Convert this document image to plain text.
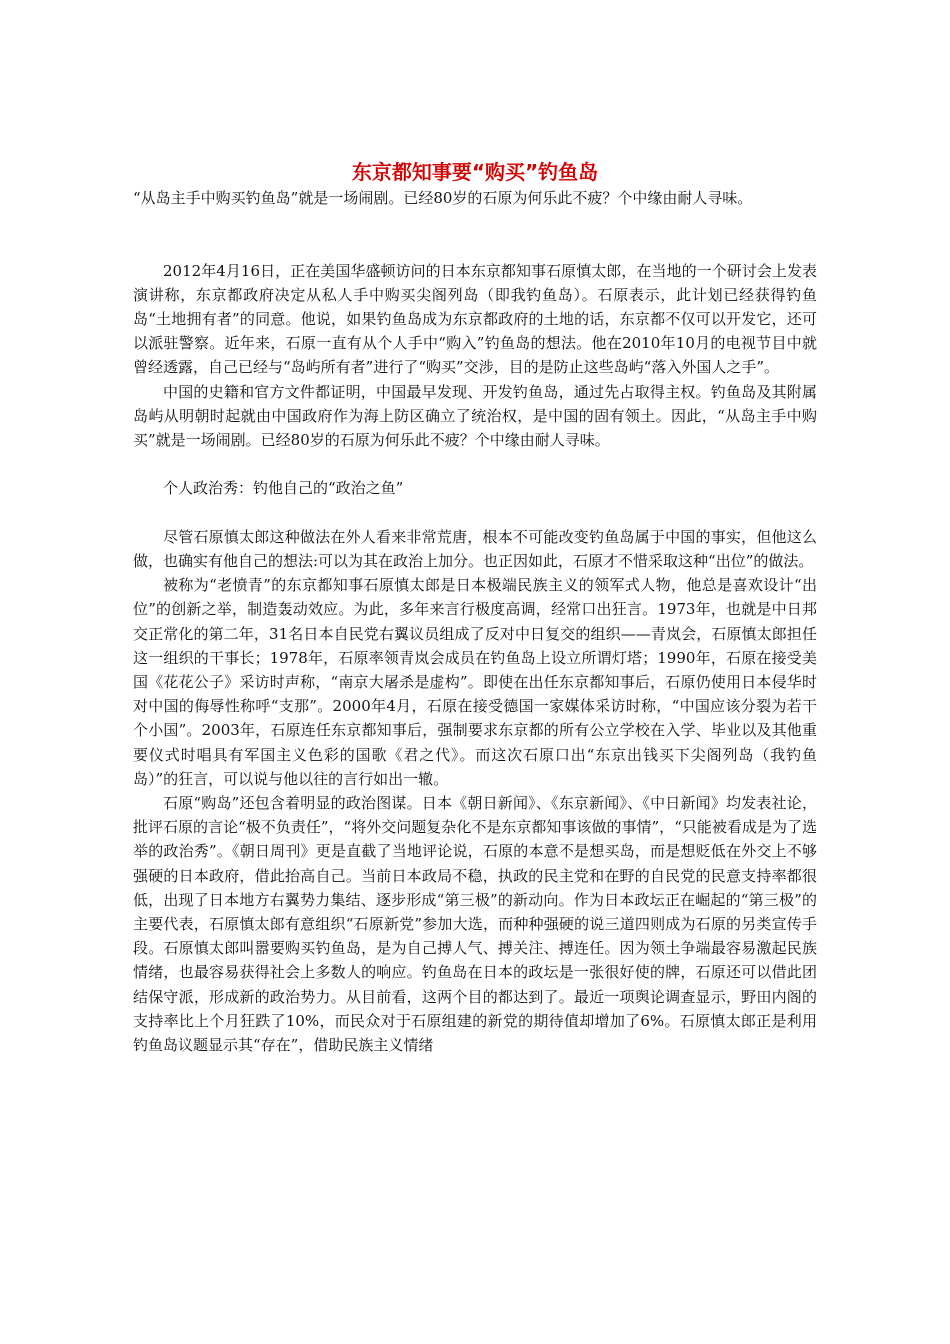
东京都知事要“购买”钓鱼岛

“从岛主手中购买钓鱼岛”就是一场闹剧。已经80岁的石原为何乐此不疲？个中缘由耐人寻味。

2012年4月16日，正在美国华盛顿访问的日本东京都知事石原慎太郎，在当地的一个研讨会上发表演讲称，东京都政府决定从私人手中购买尖阁列岛（即我钓鱼岛）。石原表示，此计划已经获得钓鱼岛“土地拥有者”的同意。他说，如果钓鱼岛成为东京都政府的土地的话，东京都不仅可以开发它，还可以派驻警察。近年来，石原一直有从个人手中“购入”钓鱼岛的想法。他在2010年10月的电视节目中就曾经透露，自己已经与“岛屿所有者”进行了“购买”交涉，目的是防止这些岛屿“落入外国人之手”。

中国的史籍和官方文件都证明，中国最早发现、开发钓鱼岛，通过先占取得主权。钓鱼岛及其附属岛屿从明朝时起就由中国政府作为海上防区确立了统治权，是中国的固有领土。因此，“从岛主手中购买”就是一场闹剧。已经80岁的石原为何乐此不疲？个中缘由耐人寻味。

个人政治秀：钓他自己的“政治之鱼”

尽管石原慎太郎这种做法在外人看来非常荒唐，根本不可能改变钓鱼岛属于中国的事实，但他这么做，也确实有他自己的想法:可以为其在政治上加分。也正因如此，石原才不惜采取这种“出位”的做法。

被称为“老愤青”的东京都知事石原慎太郎是日本极端民族主义的领军式人物，他总是喜欢设计“出位”的创新之举，制造轰动效应。为此，多年来言行极度高调，经常口出狂言。1973年，也就是中日邦交正常化的第二年，31名日本自民党右翼议员组成了反对中日复交的组织——青岚会，石原慎太郎担任这一组织的干事长；1978年，石原率领青岚会成员在钓鱼岛上设立所谓灯塔；1990年，石原在接受美国《花花公子》采访时声称，“南京大屠杀是虚构”。即使在出任东京都知事后，石原仍使用日本侵华时对中国的侮辱性称呼“支那”。2000年4月，石原在接受德国一家媒体采访时称，“中国应该分裂为若干个小国”。2003年，石原连任东京都知事后，强制要求东京都的所有公立学校在入学、毕业以及其他重要仪式时唱具有军国主义色彩的国歌《君之代》。而这次石原口出“东京出钱买下尖阁列岛（我钓鱼岛）”的狂言，可以说与他以往的言行如出一辙。

石原“购岛”还包含着明显的政治图谋。日本《朝日新闻》、《东京新闻》、《中日新闻》均发表社论，批评石原的言论“极不负责任”，“将外交问题复杂化不是东京都知事该做的事情”，“只能被看成是为了选举的政治秀”。《朝日周刊》更是直截了当地评论说，石原的本意不是想买岛，而是想贬低在外交上不够强硬的日本政府，借此抬高自己。当前日本政局不稳，执政的民主党和在野的自民党的民意支持率都很低，出现了日本地方右翼势力集结、逐步形成“第三极”的新动向。作为日本政坛正在崛起的“第三极”的主要代表，石原慎太郎有意组织“石原新党”参加大选，而种种强硬的说三道四则成为石原的另类宣传手段。石原慎太郎叫嚣要购买钓鱼岛，是为自己搏人气、搏关注、搏连任。因为领土争端最容易激起民族情绪，也最容易获得社会上多数人的响应。钓鱼岛在日本的政坛是一张很好使的牌，石原还可以借此团结保守派，形成新的政治势力。从目前看，这两个目的都达到了。最近一项舆论调查显示，野田内阁的支持率比上个月狂跌了10%，而民众对于石原组建的新党的期待值却增加了6%。石原慎太郎正是利用钓鱼岛议题显示其“存在”，借助民族主义情绪
